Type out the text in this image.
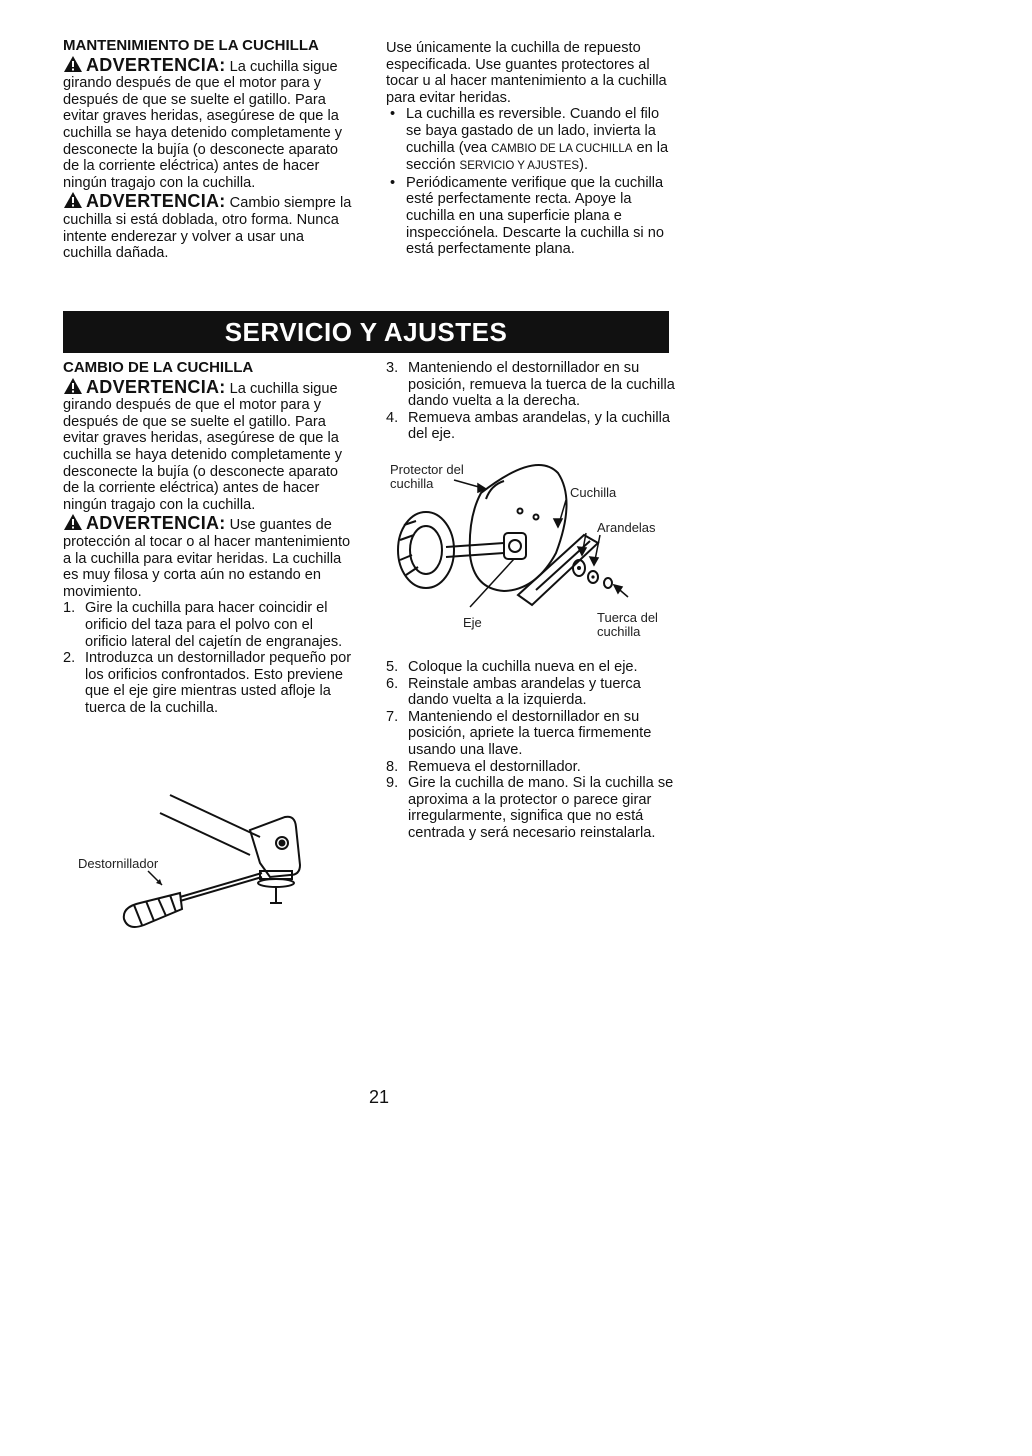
MANTENIMIENTO DE LA CUCHILLA

ADVERTENCIA: La cuchilla sigue girando después de que el motor para y después de que se suelte el gatillo. Para evitar graves heridas, asegúrese de que la cuchilla se haya detenido completamente y desconecte la bujía (o desconecte aparato de la corriente eléctrica) antes de hacer ningún tragajo con la cuchilla.

ADVERTENCIA: Cambio siempre la cuchilla si está doblada, otro forma. Nunca intente enderezar y volver a usar una cuchilla dañada.

Use únicamente la cuchilla de repuesto especificada. Use guantes protectores al tocar u al hacer mantenimiento a la cuchilla para evitar heridas.

• La cuchilla es reversible. Cuando el filo se baya gastado de un lado, invierta la cuchilla (vea CAMBIO DE LA CUCHILLA en la sección SERVICIO Y AJUSTES).
• Periódicamente verifique que la cuchilla esté perfectamente recta. Apoye la cuchilla en una superficie plana e inspecciónela. Descarte la cuchilla si no está perfectamente plana.
SERVICIO Y AJUSTES

CAMBIO DE LA CUCHILLA

ADVERTENCIA: La cuchilla sigue girando después de que el motor para y después de que se suelte el gatillo. Para evitar graves heridas, asegúrese de que la cuchilla se haya detenido completamente y desconecte la bujía (o desconecte aparato de la corriente eléctrica) antes de hacer ningún tragajo con la cuchilla.

ADVERTENCIA: Use guantes de protección al tocar o al hacer mantenimiento a la cuchilla para evitar heridas. La cuchilla es muy filosa y corta aún no estando en movimiento.

1. Gire la cuchilla para hacer coincidir el orificio del taza para el polvo con el orificio lateral del cajetín de engranajes.
2. Introduzca un destornillador pequeño por los orificios confrontados. Esto previene que el eje gire mientras usted afloje la tuerca de la cuchilla.
Destornillador
3. Manteniendo el destornillador en su posición, remueva la tuerca de la cuchilla dando vuelta a la derecha.
4. Remueva ambas arandelas, y la cuchilla del eje.
Protector del cuchilla
Cuchilla
Arandelas
Eje	Tuerca del cuchilla
5. Coloque la cuchilla nueva en el eje.
6. Reinstale ambas arandelas y tuerca dando vuelta a la izquierda.
7. Manteniendo el destornillador en su posición, apriete la tuerca firmemente usando una llave.
8. Remueva el destornillador.
9. Gire la cuchilla de mano. Si la cuchilla se aproxima a la protector o parece girar irregularmente, significa que no está centrada y será necesario reinstalarla.
21
